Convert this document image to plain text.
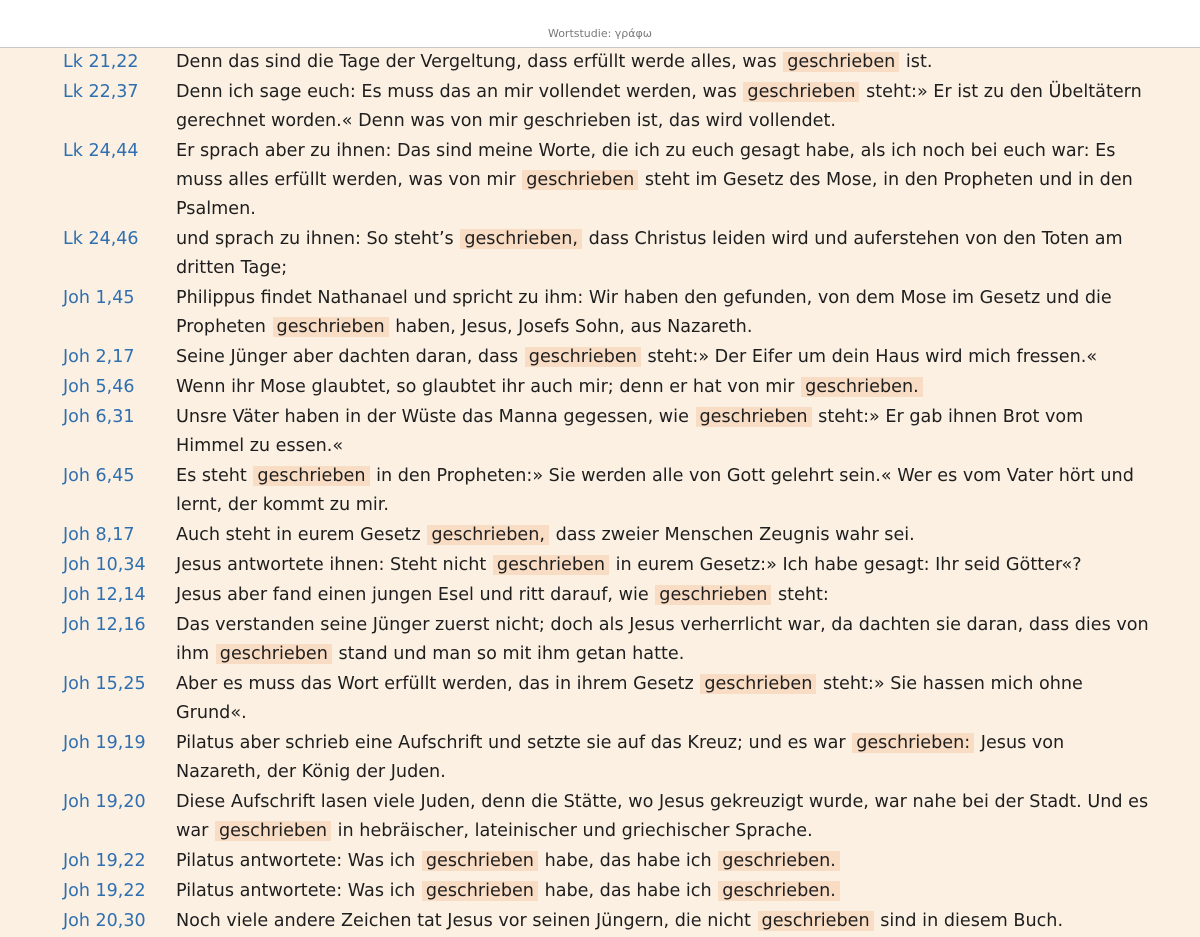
Wortstudie: γράφω
Lk 21,22	Denn das sind die Tage der Vergeltung, dass erfüllt werde alles, was geschrieben ist.
Lk 22,37	Denn ich sage euch: Es muss das an mir vollendet werden, was geschrieben steht:» Er ist zu den Übeltätern gerechnet worden.« Denn was von mir geschrieben ist, das wird vollendet.
Lk 24,44	Er sprach aber zu ihnen: Das sind meine Worte, die ich zu euch gesagt habe, als ich noch bei euch war: Es muss alles erfüllt werden, was von mir geschrieben steht im Gesetz des Mose, in den Propheten und in den Psalmen.
Lk 24,46	und sprach zu ihnen: So steht’s geschrieben, dass Christus leiden wird und auferstehen von den Toten am dritten Tage;
Joh 1,45	Philippus findet Nathanael und spricht zu ihm: Wir haben den gefunden, von dem Mose im Gesetz und die Propheten geschrieben haben, Jesus, Josefs Sohn, aus Nazareth.
Joh 2,17	Seine Jünger aber dachten daran, dass geschrieben steht:» Der Eifer um dein Haus wird mich fressen.«
Joh 5,46	Wenn ihr Mose glaubtet, so glaubtet ihr auch mir; denn er hat von mir geschrieben.
Joh 6,31	Unsre Väter haben in der Wüste das Manna gegessen, wie geschrieben steht:» Er gab ihnen Brot vom Himmel zu essen.«
Joh 6,45	Es steht geschrieben in den Propheten:» Sie werden alle von Gott gelehrt sein.« Wer es vom Vater hört und lernt, der kommt zu mir.
Joh 8,17	Auch steht in eurem Gesetz geschrieben, dass zweier Menschen Zeugnis wahr sei.
Joh 10,34	Jesus antwortete ihnen: Steht nicht geschrieben in eurem Gesetz:» Ich habe gesagt: Ihr seid Götter«?
Joh 12,14	Jesus aber fand einen jungen Esel und ritt darauf, wie geschrieben steht:
Joh 12,16	Das verstanden seine Jünger zuerst nicht; doch als Jesus verherrlicht war, da dachten sie daran, dass dies von ihm geschrieben stand und man so mit ihm getan hatte.
Joh 15,25	Aber es muss das Wort erfüllt werden, das in ihrem Gesetz geschrieben steht:» Sie hassen mich ohne Grund«.
Joh 19,19	Pilatus aber schrieb eine Aufschrift und setzte sie auf das Kreuz; und es war geschrieben: Jesus von Nazareth, der König der Juden.
Joh 19,20	Diese Aufschrift lasen viele Juden, denn die Stätte, wo Jesus gekreuzigt wurde, war nahe bei der Stadt. Und es war geschrieben in hebräischer, lateinischer und griechischer Sprache.
Joh 19,22	Pilatus antwortete: Was ich geschrieben habe, das habe ich geschrieben.
Joh 19,22	Pilatus antwortete: Was ich geschrieben habe, das habe ich geschrieben.
Joh 20,30	Noch viele andere Zeichen tat Jesus vor seinen Jüngern, die nicht geschrieben sind in diesem Buch.
